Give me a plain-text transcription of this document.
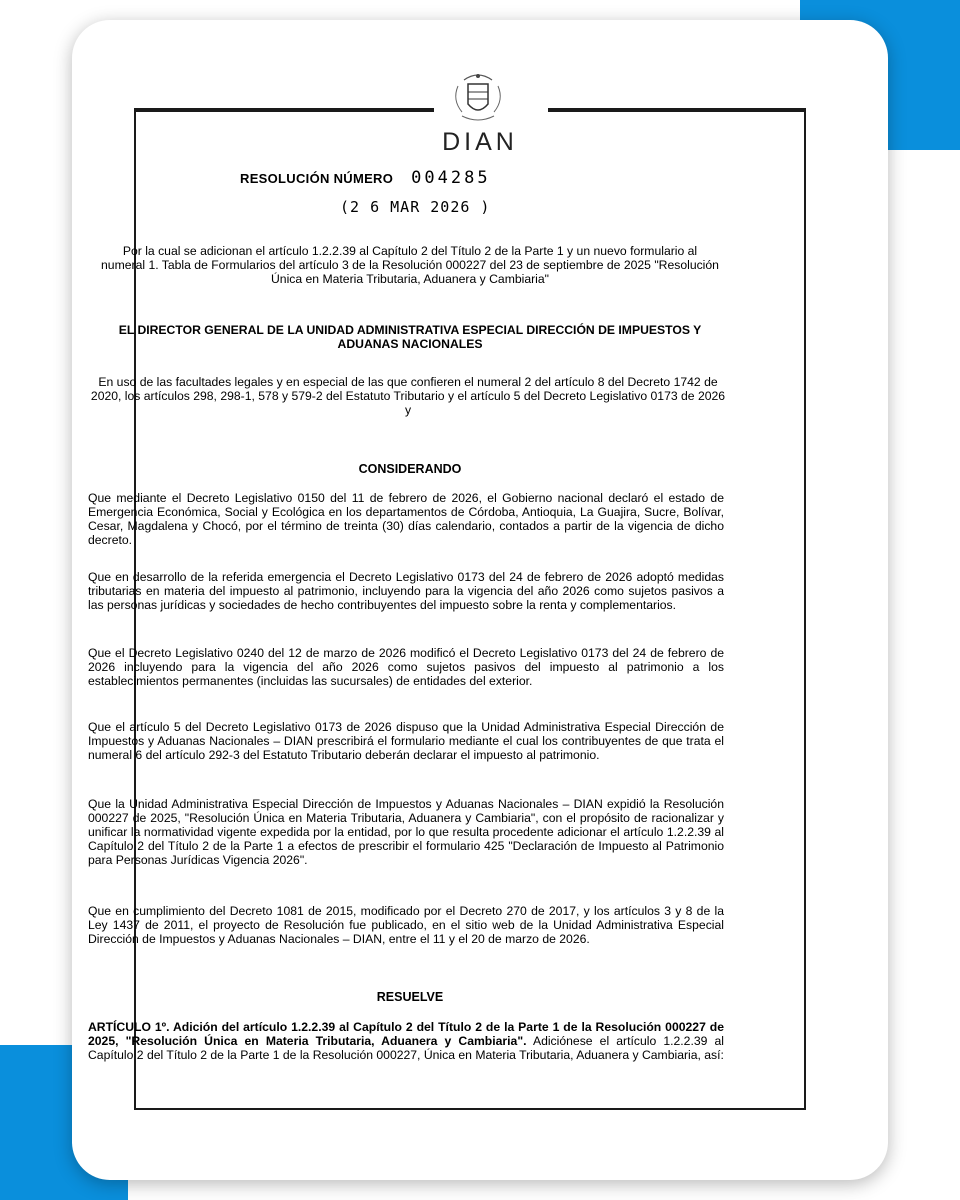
DIAN
RESOLUCIÓN NÚMERO 004285
(2 6 MAR 2026 )
Por la cual se adicionan el artículo 1.2.2.39 al Capítulo 2 del Título 2 de la Parte 1 y un nuevo formulario al numeral 1. Tabla de Formularios del artículo 3 de la Resolución 000227 del 23 de septiembre de 2025 "Resolución Única en Materia Tributaria, Aduanera y Cambiaria"
EL DIRECTOR GENERAL DE LA UNIDAD ADMINISTRATIVA ESPECIAL DIRECCIÓN DE IMPUESTOS Y ADUANAS NACIONALES
En uso de las facultades legales y en especial de las que confieren el numeral 2 del artículo 8 del Decreto 1742 de 2020, los artículos 298, 298-1, 578 y 579-2 del Estatuto Tributario y el artículo 5 del Decreto Legislativo 0173 de 2026 y
CONSIDERANDO
Que mediante el Decreto Legislativo 0150 del 11 de febrero de 2026, el Gobierno nacional declaró el estado de Emergencia Económica, Social y Ecológica en los departamentos de Córdoba, Antioquia, La Guajira, Sucre, Bolívar, Cesar, Magdalena y Chocó, por el término de treinta (30) días calendario, contados a partir de la vigencia de dicho decreto.
Que en desarrollo de la referida emergencia el Decreto Legislativo 0173 del 24 de febrero de 2026 adoptó medidas tributarias en materia del impuesto al patrimonio, incluyendo para la vigencia del año 2026 como sujetos pasivos a las personas jurídicas y sociedades de hecho contribuyentes del impuesto sobre la renta y complementarios.
Que el Decreto Legislativo 0240 del 12 de marzo de 2026 modificó el Decreto Legislativo 0173 del 24 de febrero de 2026 incluyendo para la vigencia del año 2026 como sujetos pasivos del impuesto al patrimonio a los establecimientos permanentes (incluidas las sucursales) de entidades del exterior.
Que el artículo 5 del Decreto Legislativo 0173 de 2026 dispuso que la Unidad Administrativa Especial Dirección de Impuestos y Aduanas Nacionales – DIAN prescribirá el formulario mediante el cual los contribuyentes de que trata el numeral 6 del artículo 292-3 del Estatuto Tributario deberán declarar el impuesto al patrimonio.
Que la Unidad Administrativa Especial Dirección de Impuestos y Aduanas Nacionales – DIAN expidió la Resolución 000227 de 2025, "Resolución Única en Materia Tributaria, Aduanera y Cambiaria", con el propósito de racionalizar y unificar la normatividad vigente expedida por la entidad, por lo que resulta procedente adicionar el artículo 1.2.2.39 al Capítulo 2 del Título 2 de la Parte 1 a efectos de prescribir el formulario 425 "Declaración de Impuesto al Patrimonio para Personas Jurídicas Vigencia 2026".
Que en cumplimiento del Decreto 1081 de 2015, modificado por el Decreto 270 de 2017, y los artículos 3 y 8 de la Ley 1437 de 2011, el proyecto de Resolución fue publicado, en el sitio web de la Unidad Administrativa Especial Dirección de Impuestos y Aduanas Nacionales – DIAN, entre el 11 y el 20 de marzo de 2026.
RESUELVE
ARTÍCULO 1º. Adición del artículo 1.2.2.39 al Capítulo 2 del Título 2 de la Parte 1 de la Resolución 000227 de 2025, "Resolución Única en Materia Tributaria, Aduanera y Cambiaria". Adiciónese el artículo 1.2.2.39 al Capítulo 2 del Título 2 de la Parte 1 de la Resolución 000227, Única en Materia Tributaria, Aduanera y Cambiaria, así:
